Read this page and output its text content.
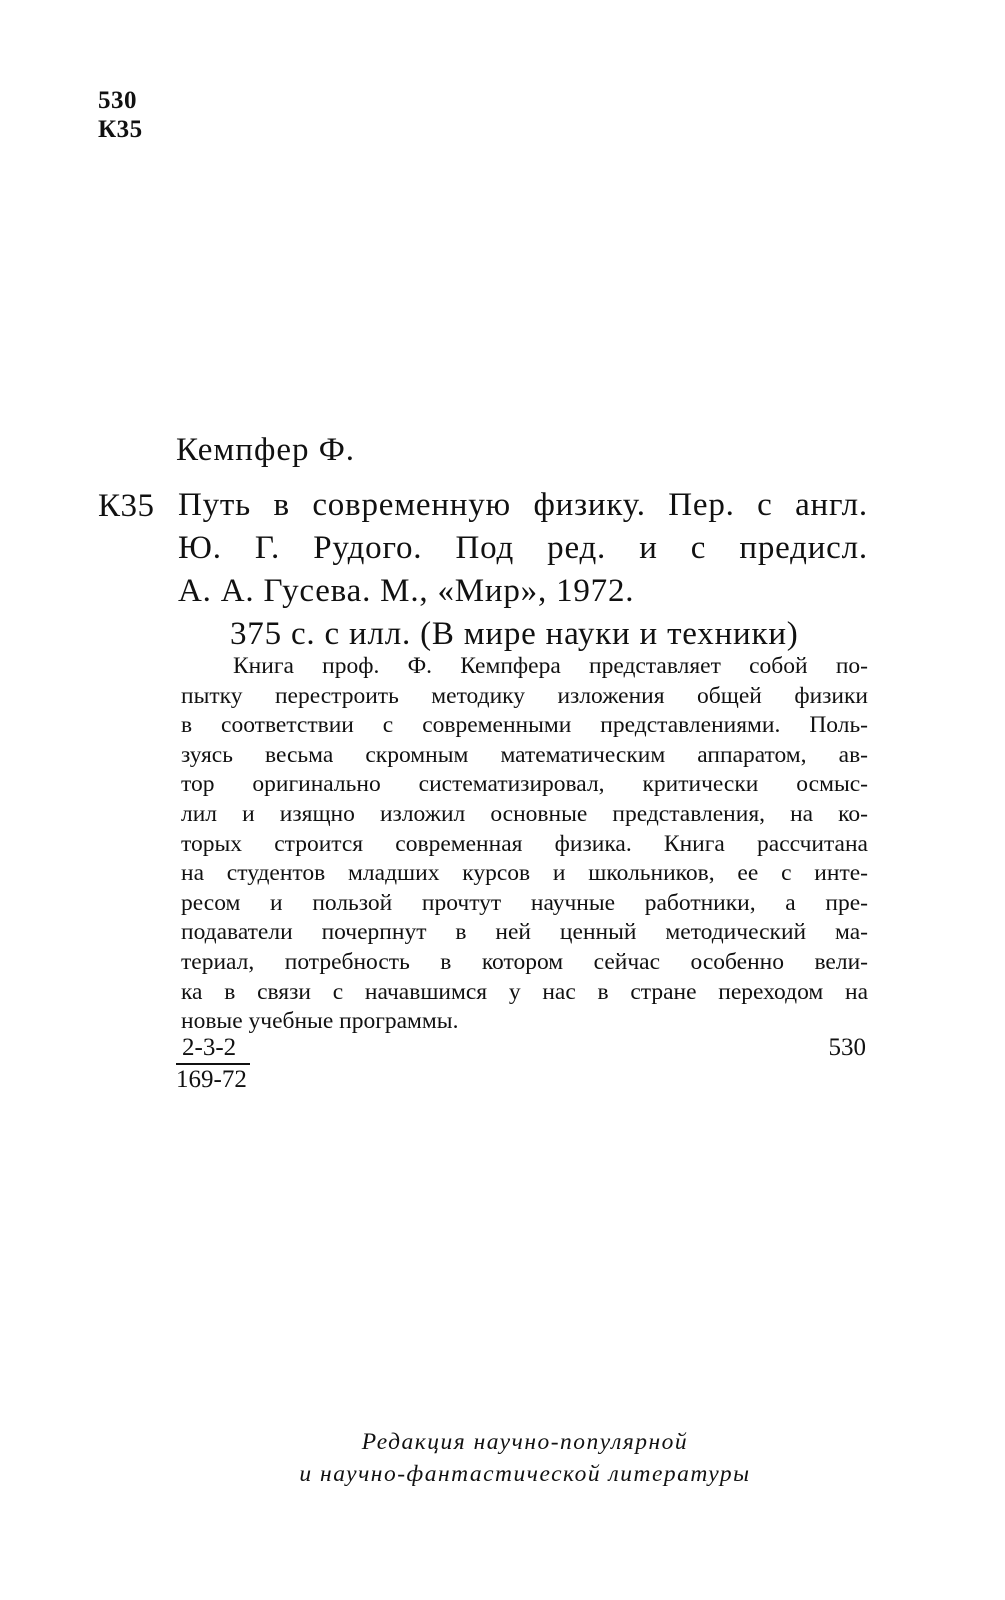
530
К35
Кемпфер Ф.
К35 Путь в современную физику. Пер. с англ.
Ю. Г. Рудого. Под ред. и с предисл.
А. А. Гусева. М., «Мир», 1972.
375 с. с илл. (В мире науки и техники)
Книга проф. Ф. Кемпфера представляет собой по-
пытку перестроить методику изложения общей физики
в соответствии с современными представлениями. Поль-
зуясь весьма скромным математическим аппаратом, ав-
тор оригинально систематизировал, критически осмыс-
лил и изящно изложил основные представления, на ко-
торых строится современная физика. Книга рассчитана
на студентов младших курсов и школьников, ее с инте-
ресом и пользой прочтут научные работники, а пре-
подаватели почерпнут в ней ценный методический ма-
териал, потребность в котором сейчас особенно вели-
ка в связи с начавшимся у нас в стране переходом на
новые учебные программы.
$\frac{2-3-2}{169-72}$	530
Редакция научно-популярной
и научно-фантастической литературы
